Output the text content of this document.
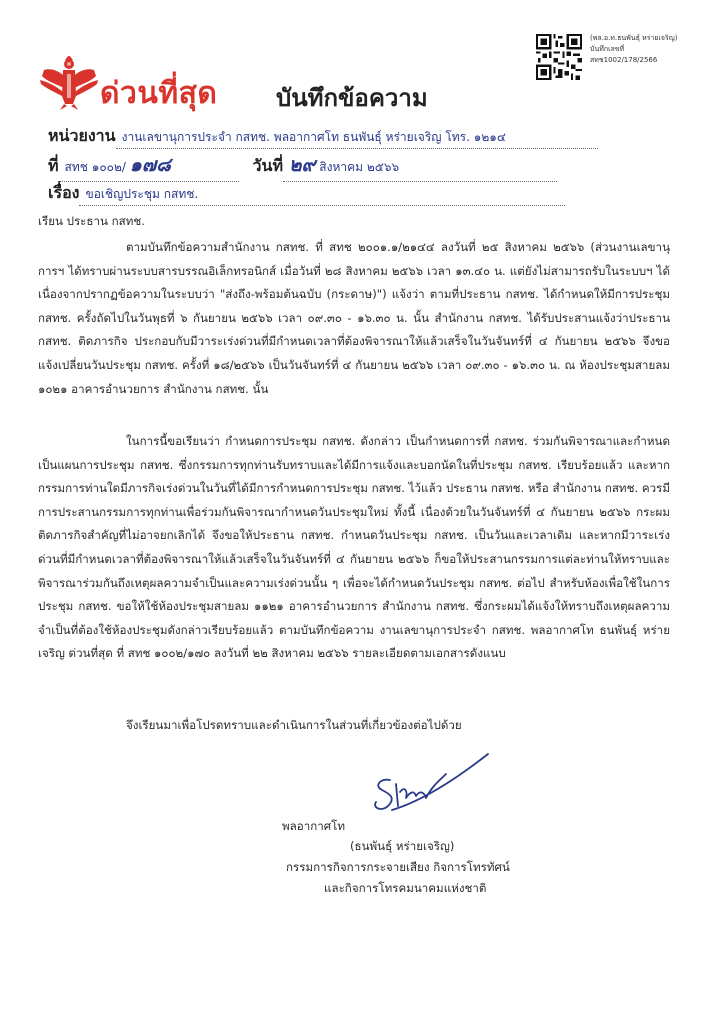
ด่วนที่สุด บันทึกข้อความ
(พล.อ.ท.ธนพันธุ์ หร่ายเจริญ)
บันทึกเลขที่
สทช1002/178/2566
หน่วยงาน งานเลขานุการประจำ กสทช. พลอากาศโท ธนพันธุ์ หร่ายเจริญ โทร. ๑๒๑๔
ที่ สทช ๑๐๐๒/ ๑๗๘	วันที่ ๒๙ สิงหาคม ๒๕๖๖
เรื่อง ขอเชิญประชุม กสทช.

เรียน ประธาน กสทช.

ตามบันทึกข้อความสำนักงาน กสทช. ที่ สทช ๒๐๐๑.๑/๒๑๔๔ ลงวันที่ ๒๕ สิงหาคม ๒๕๖๖ (ส่วนงานเลขานุการฯ ได้ทราบผ่านระบบสารบรรณอิเล็กทรอนิกส์ เมื่อวันที่ ๒๘ สิงหาคม ๒๕๖๖ เวลา ๑๓.๔๐ น. แต่ยังไม่สามารถรับในระบบฯ ได้ เนื่องจากปรากฏข้อความในระบบว่า "ส่งถึง-พร้อมต้นฉบับ (กระดาษ)") แจ้งว่า ตามที่ประธาน กสทช. ได้กำหนดให้มีการประชุม กสทช. ครั้งถัดไปในวันพุธที่ ๖ กันยายน ๒๕๖๖ เวลา ๐๙.๓๐ - ๑๖.๓๐ น. นั้น สำนักงาน กสทช. ได้รับประสานแจ้งว่าประธาน กสทช. ติดภารกิจ ประกอบกับมีวาระเร่งด่วนที่มีกำหนดเวลาที่ต้องพิจารณาให้แล้วเสร็จในวันจันทร์ที่ ๔ กันยายน ๒๕๖๖ จึงขอแจ้งเปลี่ยนวันประชุม กสทช. ครั้งที่ ๑๘/๒๕๖๖ เป็นวันจันทร์ที่ ๔ กันยายน ๒๕๖๖ เวลา ๐๙.๓๐ - ๑๖.๓๐ น. ณ ห้องประชุมสายลม ๑๐๒๑ อาคารอำนวยการ สำนักงาน กสทช. นั้น

ในการนี้ขอเรียนว่า กำหนดการประชุม กสทช. ดังกล่าว เป็นกำหนดการที่ กสทช. ร่วมกันพิจารณาและกำหนดเป็นแผนการประชุม กสทช. ซึ่งกรรมการทุกท่านรับทราบและได้มีการแจ้งและบอกนัดในที่ประชุม กสทช. เรียบร้อยแล้ว และหากกรรมการท่านใดมีภารกิจเร่งด่วนในวันที่ได้มีการกำหนดการประชุม กสทช. ไว้แล้ว ประธาน กสทช. หรือ สำนักงาน กสทช. ควรมีการประสานกรรมการทุกท่านเพื่อร่วมกันพิจารณากำหนดวันประชุมใหม่ ทั้งนี้ เนื่องด้วยในวันจันทร์ที่ ๔ กันยายน ๒๕๖๖ กระผมติดภารกิจสำคัญที่ไม่อาจยกเลิกได้ จึงขอให้ประธาน กสทช. กำหนดวันประชุม กสทช. เป็นวันและเวลาเดิม และหากมีวาระเร่งด่วนที่มีกำหนดเวลาที่ต้องพิจารณาให้แล้วเสร็จในวันจันทร์ที่ ๔ กันยายน ๒๕๖๖ ก็ขอให้ประสานกรรมการแต่ละท่านให้ทราบและพิจารณาร่วมกันถึงเหตุผลความจำเป็นและความเร่งด่วนนั้น ๆ เพื่อจะได้กำหนดวันประชุม กสทช. ต่อไป สำหรับห้องเพื่อใช้ในการประชุม กสทช. ขอให้ใช้ห้องประชุมสายลม ๑๑๒๑ อาคารอำนวยการ สำนักงาน กสทช. ซึ่งกระผมได้แจ้งให้ทราบถึงเหตุผลความจำเป็นที่ต้องใช้ห้องประชุมดังกล่าวเรียบร้อยแล้ว ตามบันทึกข้อความ งานเลขานุการประจำ กสทช. พลอากาศโท ธนพันธุ์ หร่ายเจริญ ด่วนที่สุด ที่ สทช ๑๐๐๒/๑๗๐ ลงวันที่ ๒๒ สิงหาคม ๒๕๖๖ รายละเอียดตามเอกสารดังแนบ

จึงเรียนมาเพื่อโปรดทราบและดำเนินการในส่วนที่เกี่ยวข้องต่อไปด้วย

พลอากาศโท
(ธนพันธุ์ หร่ายเจริญ)
กรรมการกิจการกระจายเสียง กิจการโทรทัศน์
และกิจการโทรคมนาคมแห่งชาติ
